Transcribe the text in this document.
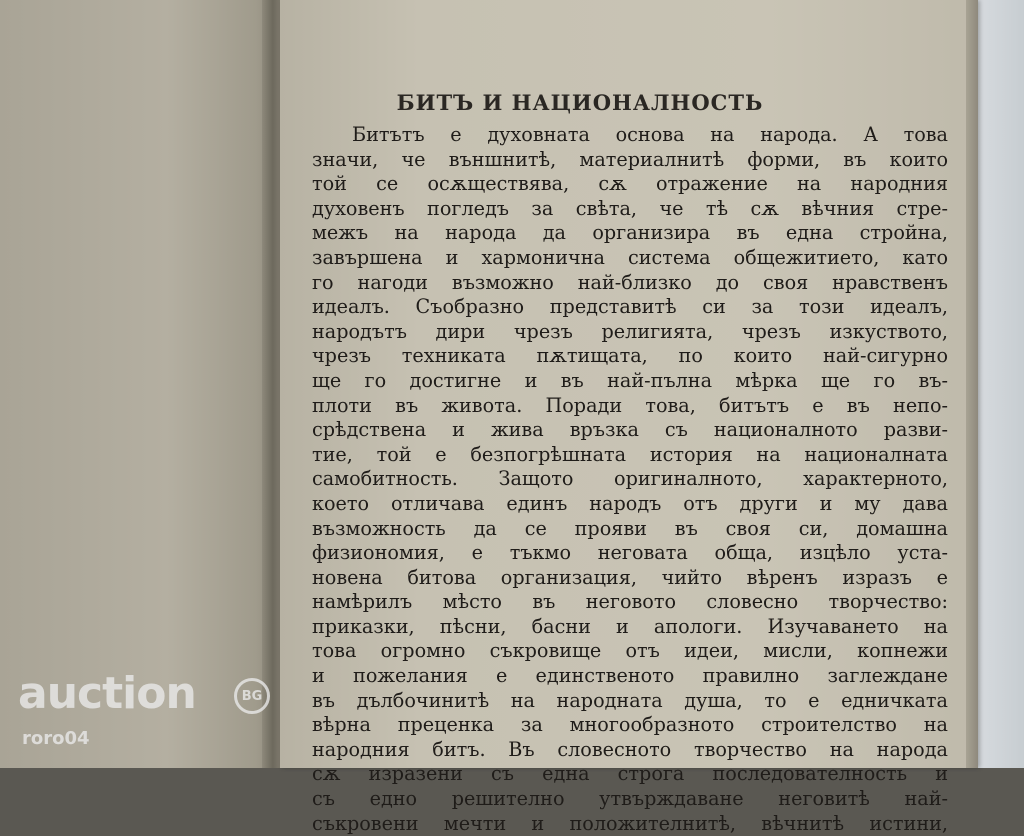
БИТЪ И НАЦИОНАЛНОСТЬ
Битътъ е духовната основа на народа. А това
значи, че външнитѣ, материалнитѣ форми, въ които
той се осѫществява, сѫ отражение на народния
духовенъ погледъ за свѣта, че тѣ сѫ вѣчния стре-
межъ на народа да организира въ една стройна,
завършена и хармонична система общежитието, като
го нагоди възможно най-близко до своя нравственъ
идеалъ. Съобразно представитѣ си за този идеалъ,
народътъ дири чрезъ религията, чрезъ изкуството,
чрезъ техниката пѫтищата, по които най-сигурно
ще го достигне и въ най-пълна мѣрка ще го въ-
плоти въ живота. Поради това, битътъ е въ непо-
срѣдствена и жива връзка съ националното разви-
тие, той е безпогрѣшната история на националната
самобитность. Защото оригиналното, характерното,
което отличава единъ народъ отъ други и му дава
възможность да се прояви въ своя си, домашна
физиономия, е тъкмо неговата обща, изцѣло уста-
новена битова организация, чийто вѣренъ изразъ е
намѣрилъ мѣсто въ неговото словесно творчество:
приказки, пѣсни, басни и апологи. Изучаването на
това огромно съкровище отъ идеи, мисли, копнежи
и пожелания е единственото правилно заглеждане
въ дълбочинитѣ на народната душа, то е едничката
вѣрна преценка за многообразното строителство на
народния битъ. Въ словесното творчество на народа
сѫ изразени съ една строга последователность и
съ едно решително утвърждаване неговитѣ най-
съкровени мечти и положителнитѣ, вѣчнитѣ истини,
auction	BG
roro04
